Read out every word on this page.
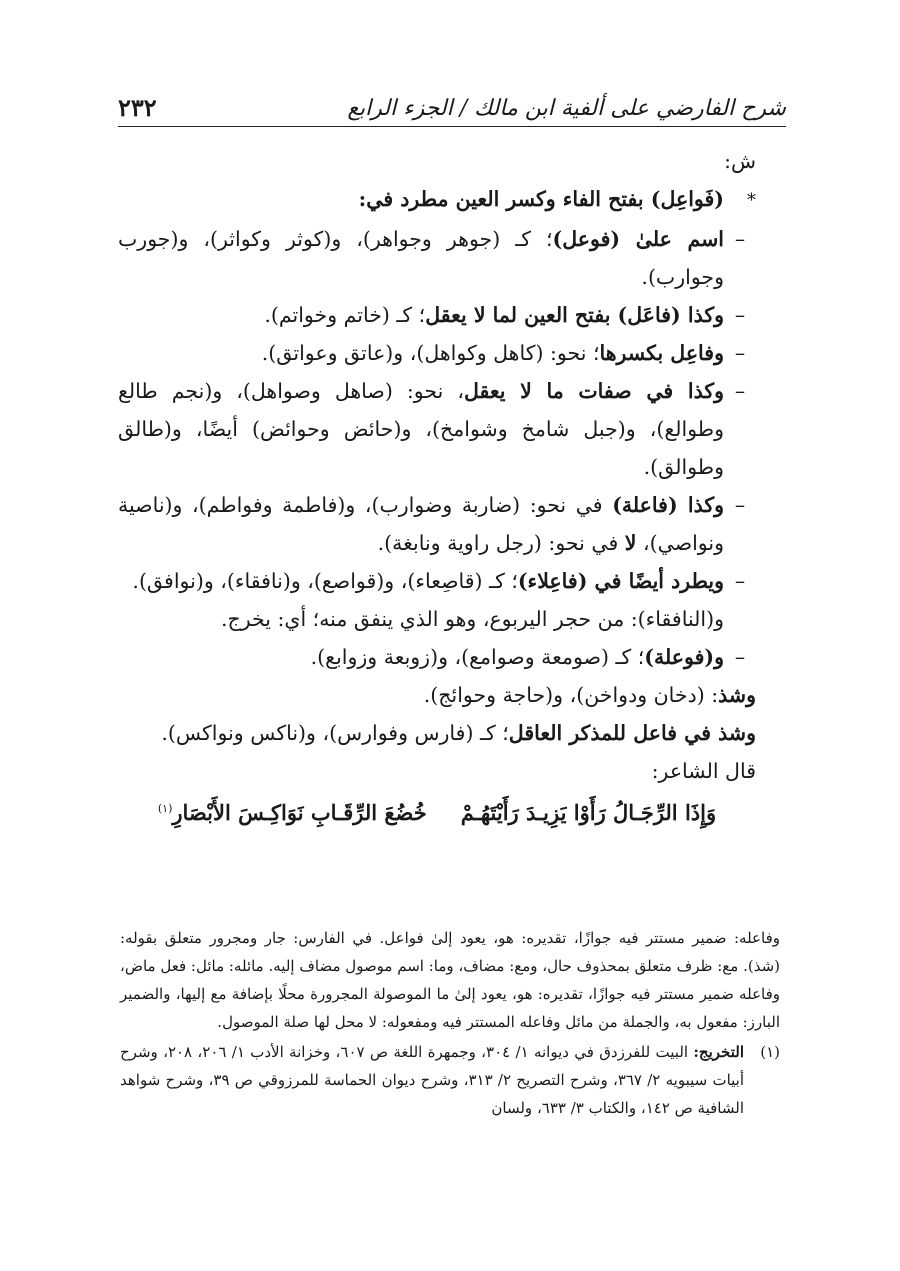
شرح الفارضي على ألفية ابن مالك / الجزء الرابع
٢٣٢

ش:

*
(فَواعِل) بفتح الفاء وكسر العين مطرد في:

–
اسم علىٰ (فوعل)؛ كـ (جوهر وجواهر)، و(كوثر وكواثر)، و(جورب وجوارب).
–
وكذا (فاعَل) بفتح العين لما لا يعقل؛ كـ (خاتم وخواتم).
–
وفاعِل بكسرها؛ نحو: (كاهل وكواهل)، و(عاتق وعواتق).
–
وكذا في صفات ما لا يعقل، نحو: (صاهل وصواهل)، و(نجم طالع وطوالع)، و(جبل شامخ وشوامخ)، و(حائض وحوائض) أيضًا، و(طالق وطوالق).
–
وكذا (فاعلة) في نحو: (ضاربة وضوارب)، و(فاطمة وفواطم)، و(ناصية ونواصي)، لا في نحو: (رجل راوية ونابغة).
–
ويطرد أيضًا في (فاعِلاء)؛ كـ (قاصِعاء)، و(قواصع)، و(نافقاء)، و(نوافق).

و(النافقاء): من حجر اليربوع، وهو الذي ينفق منه؛ أي: يخرج.

–
و(فوعلة)؛ كـ (صومعة وصوامع)، و(زوبعة وزوابع).

وشذ: (دخان ودواخن)، و(حاجة وحوائج).

وشذ في فاعل للمذكر العاقل؛ كـ (فارس وفوارس)، و(ناكس ونواكس).

قال الشاعر:

وَإِذَا الرِّجَـالُ رَأَوْا يَزِيـدَ رَأَيْتَهُـمْخُضُعَ الرِّقَـابِ نَوَاكِـسَ الأَبْصَارِ$^{(١)}$

وفاعله: ضمير مستتر فيه جوازًا، تقديره: هو، يعود إلىٰ فواعل. في الفارس: جار ومجرور متعلق بقوله: (شذ). مع: ظرف متعلق بمحذوف حال، ومع: مضاف، وما: اسم موصول مضاف إليه. مائله: مائل: فعل ماض، وفاعله ضمير مستتر فيه جوازًا، تقديره: هو، يعود إلىٰ ما الموصولة المجرورة محلًا بإضافة مع إليها، والضمير البارز: مفعول به، والجملة من مائل وفاعله المستتر فيه ومفعوله: لا محل لها صلة الموصول.

(١)
التخريج: البيت للفرزدق في ديوانه ١/ ٣٠٤، وجمهرة اللغة ص ٦٠٧، وخزانة الأدب ١/ ٢٠٦، ٢٠٨، وشرح أبيات سيبويه ٢/ ٣٦٧، وشرح التصريح ٢/ ٣١٣، وشرح ديوان الحماسة للمرزوقي ص ٣٩، وشرح شواهد الشافية ص ١٤٢، والكتاب ٣/ ٦٣٣، ولسان
